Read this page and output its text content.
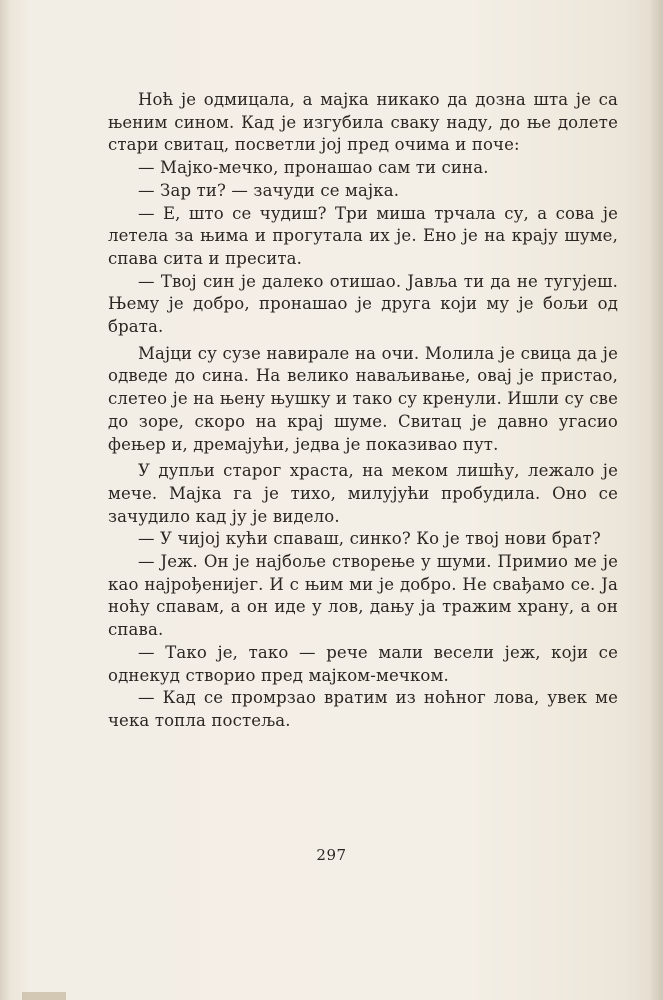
Ноћ је одмицала, а мајка никако да дозна шта је са њеним сином. Кад је изгубила сваку наду, до ње долете стари свитац, посветли јој пред очима и поче:

— Мајко-мечко, пронашао сам ти сина.

— Зар ти? — зачуди се мајка.

— Е, што се чудиш? Три миша трчала су, а сова је летела за њима и прогутала их је. Ено је на крају шуме, спава сита и пресита.

— Твој син је далеко отишао. Јавља ти да не тугујеш. Њему је добро, пронашао је друга који му је бољи од брата.

Мајци су сузе навирале на очи. Молила је свица да је одведе до сина. На велико наваљивање, овај је пристао, слетео је на њену њушку и тако су кренули. Ишли су све до зоре, скоро на крај шуме. Свитац је давно угасио фењер и, дремајући, једва је показивао пут.

У дупљи старог храста, на меком лишћу, лежало је мече. Мајка га је тихо, милујући пробудила. Оно се зачудило кад ју је видело.

— У чијој кући спаваш, синко? Ко је твој нови брат?

— Јеж. Он је најбоље створење у шуми. Примио ме је као најрођенијег. И с њим ми је добро. Не свађамо се. Ја ноћу спавам, а он иде у лов, дању ја тражим храну, а он спава.

— Тако је, тако — рече мали весели јеж, који се однекуд створио пред мајком-мечком.

— Кад се промрзао вратим из ноћног лова, увек ме чека топла постеља.

297
